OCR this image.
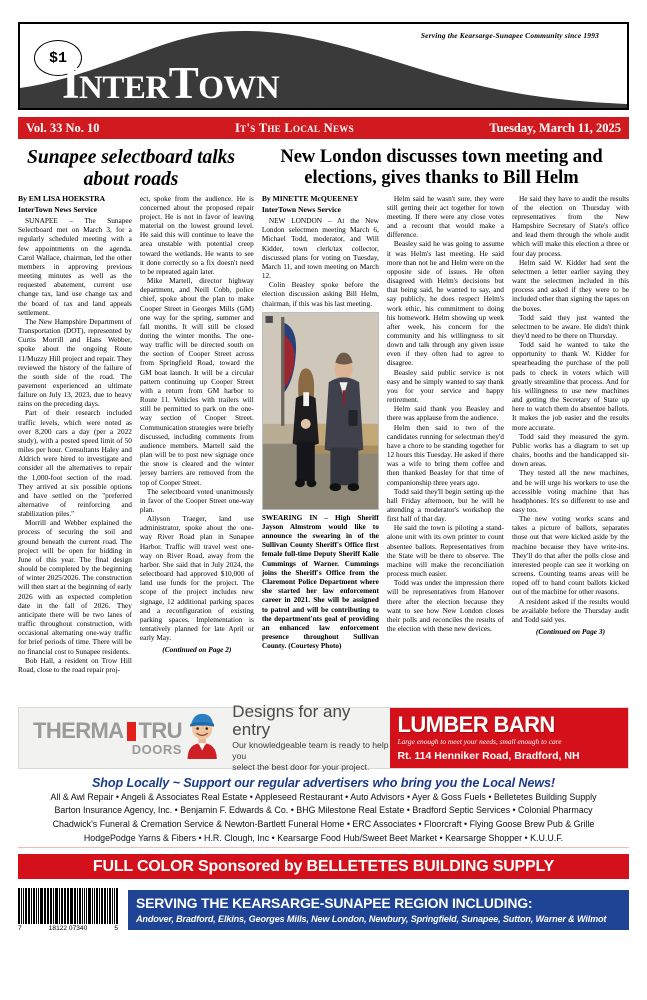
$1
Serving the Kearsarge-Sunapee Community since 1993
RECORD
INTERTOWN
Vol. 33 No. 10	It's The Local News	Tuesday, March 11, 2025
Sunapee selectboard talks about roads
New London discusses town meeting and elections, gives thanks to Bill Helm
By EM LISA HOEKSTRA
InterTown News Service

SUNAPEE – The Sunapee Selectboard met on March 3, for a regularly scheduled meeting with a few appointments on the agenda. Carol Wallace, chairman, led the other members in approving previous meeting minutes as well as the requested abatement, current use change tax, land use change tax and the board of tax and land appeals settlement.

The New Hampshire Department of Transportation (DOT), represented by Curtis Morrill and Hans Webber, spoke about the ongoing Route 11/Muzzy Hill project and repair. They reviewed the history of the failure of the south side of the road. The pavement experienced an ultimate failure on July 13, 2023, due to heavy rains on the preceding days.

Part of their research included traffic levels, which were noted as over 8,200 cars a day (per a 2022 study), with a posted speed limit of 50 miles per hour. Consultants Haley and Aldrich were hired to investigate and consider all the alternatives to repair the 1,000-foot section of the road. They arrived at six possible options and have settled on the "preferred alternative of reinforcing and stabilization piles."

Morrill and Webber explained the process of securing the soil and ground beneath the current road. The project will be open for bidding in June of this year. The final design should be completed by the beginning of winter 2025/2026. The construction will then start at the beginning of early 2026 with an expected completion date in the fall of 2026. They anticipate there will be two lanes of traffic throughout construction, with occasional alternating one-way traffic for brief periods of time. There will be no financial cost to Sunapee residents.

Bob Hall, a resident on Trow Hill Road, close to the road repair proj-

ect, spoke from the audience. He is concerned about the proposed repair project. He is not in favor of leaving material on the lowest ground level. He said this will continue to leave the area unstable with potential creep toward the wetlands. He wants to see it done correctly so a fix doesn't need to be repeated again later.

Mike Martell, director highway department, and Neill Cobb, police chief, spoke about the plan to make Cooper Street in Georges Mills (GM) one way for the spring, summer and fall months. It will still be closed during the winter months. The one-way traffic will be directed south on the section of Cooper Street across from Springfield Road, toward the GM boat launch. It will be a circular pattern continuing up Cooper Street with a return from GM harbor to Route 11. Vehicles with trailers will still be permitted to park on the one-way section of Cooper Street. Communication strategies were briefly discussed, including comments from audience members. Martell said the plan will be to post new signage once the snow is cleared and the winter jersey barriers are removed from the top of Cooper Street.

The selectboard voted unanimously in favor of the Cooper Street one-way plan.

Allyson Traeger, land use administrator, spoke about the one-way River Road plan in Sunapee Harbor. Traffic will travel west one-way on River Road, away from the harbor. She said that in July 2024, the selectboard had approved $10,000 of land use funds for the project. The scope of the project includes new signage, 12 additional parking spaces and a reconfiguration of existing parking spaces. Implementation is tentatively planned for late April or early May.

(Continued on Page 2)
By MINETTE McQUEENEY
InterTown News Service

NEW LONDON – At the New London selectmen meeting March 6, Michael Todd, moderator, and Will Kidder, town clerk/tax collector, discussed plans for voting on Tuesday, March 11, and town meeting on March 12.

Colin Beasley spoke before the election discussion asking Bill Helm, chairman, if this was his last meeting.

SWEARING IN – High Sheriff Jayson Almstrom would like to announce the swearing in of the Sullivan County Sheriff's Office first female full-time Deputy Sheriff Kalie Cummings of Warner. Cummings joins the Sheriff's Office from the Claremont Police Department where she started her law enforcement career in 2021. She will be assigned to patrol and will be contributing to the department'nts goal of providing an enhanced law enforcement presence throughout Sullivan County. (Courtesy Photo)

Helm said he wasn't sure, they were still getting their act together for town meeting. If there were any close votes and a recount that would make a difference.

Beasley said he was going to assume it was Helm's last meeting. He said more than not he and Helm were on the opposite side of issues. He often disagreed with Helm's decisions but that being said, he wanted to say, and say publicly, he does respect Helm's work ethic, his commitment to doing his homework. Helm showing up week after week, his concern for the community and his willingness to sit down and talk through any given issue even if they often had to agree to disagree.

Beasley said public service is not easy and he simply wanted to say thank you for your service and happy retirement.

Helm said thank you Beasley and there was applause from the audience.

Helm then said to two of the candidates running for selectman they'd have a chore to be standing together for 12 hours this Tuesday. He asked if there was a wife to bring them coffee and then thanked Beasley for that time of companionship three years ago.

Todd said they'll begin setting up the hall Friday afternoon, but he will be attending a moderator's workshop the first half of that day.

He said the town is piloting a stand-alone unit with its own printer to count absentee ballots. Representatives from the State will be there to observe. The machine will make the reconciliation process much easier.

Todd was under the impression there will be representatives from Hanover there after the election because they want to see how New London closes their polls and reconciles the results of the election with these new devices.

He said they have to audit the results of the election on Thursday with representatives from the New Hampshire Secretary of State's office and lead them through the whole audit which will make this election a three or four day process.

Helm said W. Kidder had sent the selectmen a letter earlier saying they want the selectmen included in this process and asked if they were to be included other than signing the tapes on the boxes.

Todd said they just wanted the selectmen to be aware. He didn't think they'd need to be there on Thursday.

Todd said he wanted to take the opportunity to thank W. Kidder for spearheading the purchase of the poll pads to check in voters which will greatly streamline that process. And for his willingness to use new machines and getting the Secretary of State up here to watch them do absentee ballots. It makes the job easier and the results more accurate.

Todd said they measured the gym. Public works has a diagram to set up chairs, booths and the handicapped sit-down areas.

They tested all the new machines, and he will urge his workers to use the accessible voting machine that has headphones. It's so different to use and easy too.

The new voting works scans and takes a picture of ballots, separates those out that were kicked aside by the machine because they have write-ins. They'll do that after the polls close and interested people can see it working on screens. Counting teams areas will be roped off to hand count ballots kicked out of the machine for other reasons.

A resident asked if the results would be available before the Thursday audit and Todd said yes.

(Continued on Page 3)
THERMA TRU
DOORS
Designs for any entry
Our knowledgeable team is ready to help you
select the best door for your project.
LUMBER BARN
Large enough to meet your needs, small enough to care
Rt. 114 Henniker Road, Bradford, NH
Shop Locally ~ Support our regular advertisers who bring you the Local News!
All & Awl Repair • Angeli & Associates Real Estate • Appleseed Restaurant • Auto Advisors • Ayer & Goss Fuels • Belletetes Building Supply
Barton Insurance Agency, Inc. • Benjamin F. Edwards & Co. • BHG Milestone Real Estate • Bradford Septic Services • Colonial Pharmacy
Chadwick's Funeral & Cremation Service & Newton-Bartlett Funeral Home • ERC Associates • Floorcraft • Flying Goose Brew Pub & Grille
HodgePodge Yarns & Fibers • H.R. Clough, Inc • Kearsarge Food Hub/Sweet Beet Market • Kearsarge Shopper • K.U.U.F.
FULL COLOR Sponsored by BELLETETES BUILDING SUPPLY
7	18122 07340	5
SERVING THE KEARSARGE-SUNAPEE REGION INCLUDING:
Andover, Bradford, Elkins, Georges Mills, New London, Newbury, Springfield, Sunapee, Sutton, Warner & Wilmot
